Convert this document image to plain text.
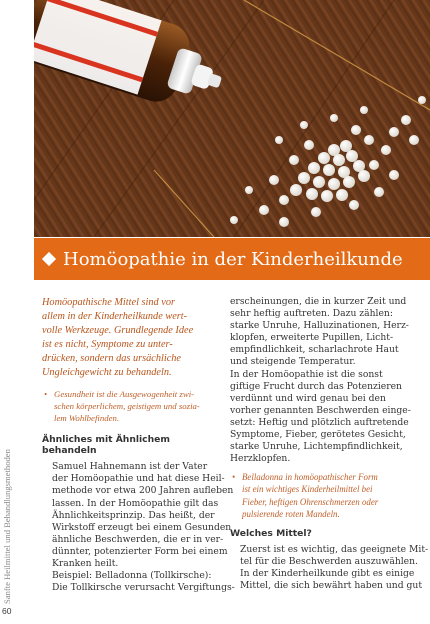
Homöopathie in der Kinderheilkunde
Sanfte Heilmittel und Behandlungsmethoden
60

Homöopathische Mittel sind vor
allem in der Kinderheilkunde wert-
volle Werkzeuge. Grundlegende Idee
ist es nicht, Symptome zu unter-
drücken, sondern das ursächliche
Ungleichgewicht zu behandeln.

• Gesundheit ist die Ausgewogenheit zwi-
schen körperlichem, geistigem und sozia-
lem Wohlbefinden.
Ähnliches mit Ähnlichem behandeln

Samuel Hahnemann ist der Vater
der Homöopathie und hat diese Heil-
methode vor etwa 200 Jahren aufleben
lassen. In der Homöopathie gilt das
Ähnlichkeitsprinzip. Das heißt, der
Wirkstoff erzeugt bei einem Gesunden
ähnliche Beschwerden, die er in ver-
dünnter, potenzierter Form bei einem
Kranken heilt.
Beispiel: Belladonna (Tollkirsche):
Die Tollkirsche verursacht Vergiftungs-

erscheinungen, die in kurzer Zeit und
sehr heftig auftreten. Dazu zählen:
starke Unruhe, Halluzinationen, Herz-
klopfen, erweiterte Pupillen, Licht-
empfindlichkeit, scharlachrote Haut
und steigende Temperatur.
In der Homöopathie ist die sonst
giftige Frucht durch das Potenzieren
verdünnt und wird genau bei den
vorher genannten Beschwerden einge-
setzt: Heftig und plötzlich auftretende
Symptome, Fieber, gerötetes Gesicht,
starke Unruhe, Lichtempfindlichkeit,
Herzklopfen.

• Belladonna in homöopathischer Form
ist ein wichtiges Kinderheilmittel bei
Fieber, heftigen Ohrenschmerzen oder
pulsierende roten Mandeln.
Welches Mittel?

Zuerst ist es wichtig, das geeignete Mit-
tel für die Beschwerden auszuwählen.
In der Kinderheilkunde gibt es einige
Mittel, die sich bewährt haben und gut
